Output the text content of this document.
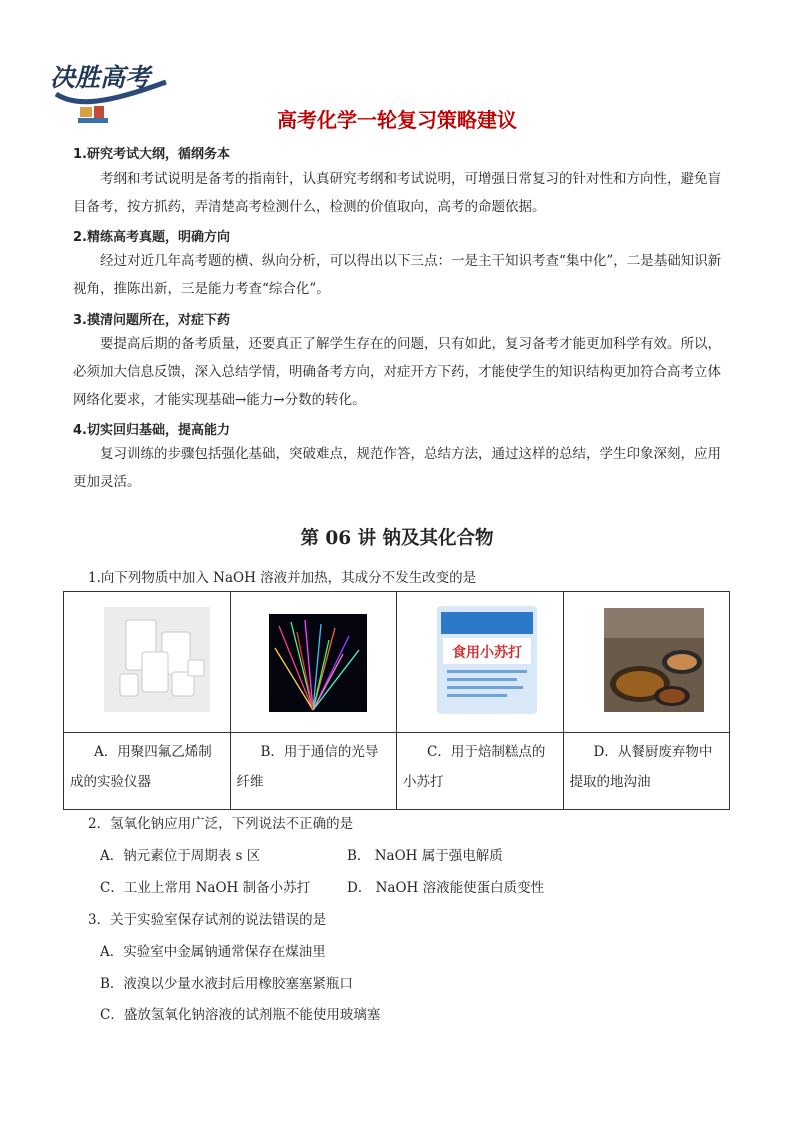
决胜高考
高考化学一轮复习策略建议
1.研究考试大纲，循纲务本
考纲和考试说明是备考的指南针，认真研究考纲和考试说明，可增强日常复习的针对性和方向性，避免盲目备考，按方抓药，弄清楚高考检测什么，检测的价值取向，高考的命题依据。
2.精练高考真题，明确方向
经过对近几年高考题的横、纵向分析，可以得出以下三点：一是主干知识考查“集中化”，二是基础知识新视角，推陈出新，三是能力考查“综合化”。
3.摸清问题所在，对症下药
要提高后期的备考质量，还要真正了解学生存在的问题，只有如此，复习备考才能更加科学有效。所以，必须加大信息反馈，深入总结学情，明确备考方向，对症开方下药，才能使学生的知识结构更加符合高考立体网络化要求，才能实现基础→能力→分数的转化。
4.切实回归基础，提高能力
复习训练的步骤包括强化基础，突破难点，规范作答，总结方法，通过这样的总结，学生印象深刻，应用更加灵活。
第 06 讲 钠及其化合物
1.向下列物质中加入 NaOH 溶液并加热，其成分不发生改变的是

食用小苏打

A．用聚四氟乙烯制成的实验仪器	B．用于通信的光导纤维	C．用于焙制糕点的小苏打	D．从餐厨废弃物中提取的地沟油
2．氢氧化钠应用广泛，下列说法不正确的是
A．钠元素位于周期表 s 区	B． NaOH 属于强电解质
C．工业上常用 NaOH 制备小苏打	D． NaOH 溶液能使蛋白质变性
3．关于实验室保存试剂的说法错误的是
A．实验室中金属钠通常保存在煤油里
B．液溴以少量水液封后用橡胶塞塞紧瓶口
C．盛放氢氧化钠溶液的试剂瓶不能使用玻璃塞
